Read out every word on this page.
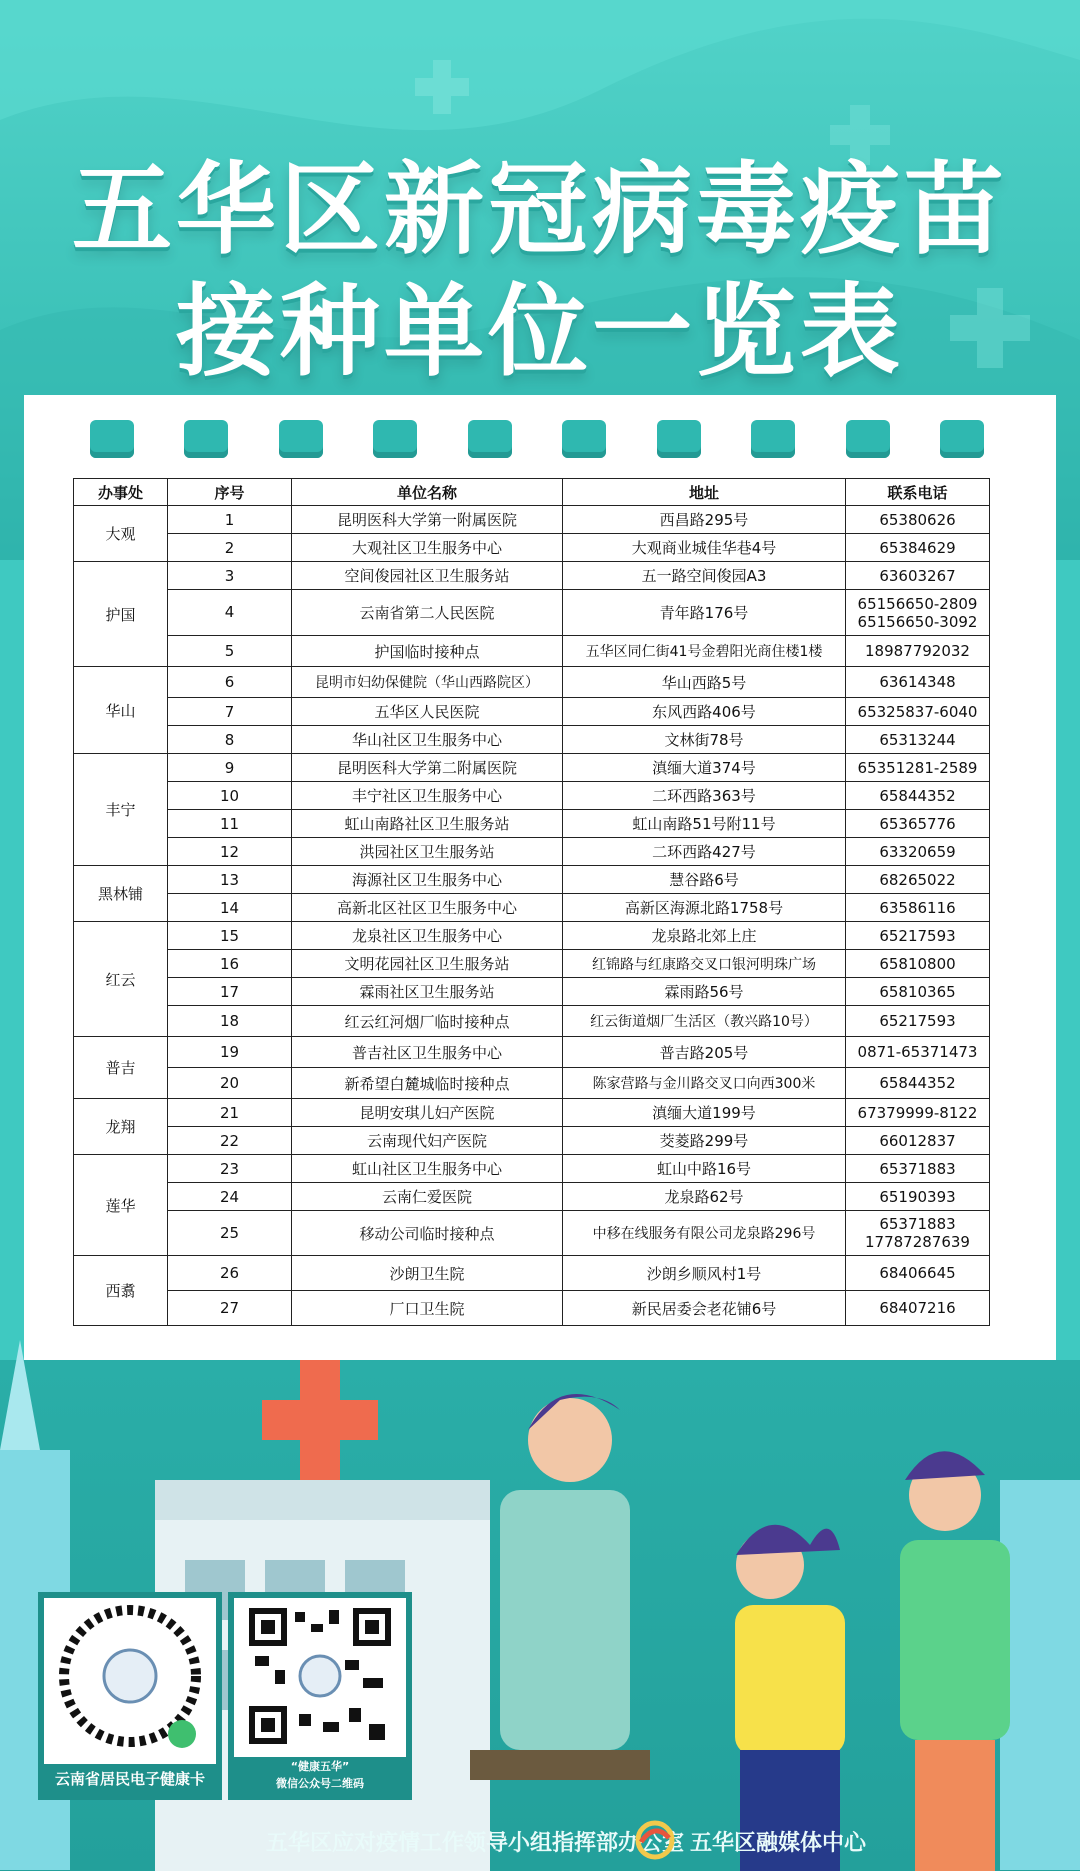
五华区新冠病毒疫苗
接种单位一览表
办事处	序号	单位名称	地址	联系电话
大观	1	昆明医科大学第一附属医院	西昌路295号	65380626
	2	大观社区卫生服务中心	大观商业城佳华巷4号	65384629
护国	3	空间俊园社区卫生服务站	五一路空间俊园A3	63603267
	4	云南省第二人民医院	青年路176号	65156650-2809
65156650-3092

	5	护国临时接种点	五华区同仁街41号金碧阳光商住楼1楼	18987792032
华山	6	昆明市妇幼保健院（华山西路院区）	华山西路5号	63614348
	7	五华区人民医院	东风西路406号	65325837-6040
	8	华山社区卫生服务中心	文林街78号	65313244
丰宁	9	昆明医科大学第二附属医院	滇缅大道374号	65351281-2589
	10	丰宁社区卫生服务中心	二环西路363号	65844352
	11	虹山南路社区卫生服务站	虹山南路51号附11号	65365776
	12	洪园社区卫生服务站	二环西路427号	63320659
黑林铺	13	海源社区卫生服务中心	慧谷路6号	68265022
	14	高新北区社区卫生服务中心	高新区海源北路1758号	63586116
红云	15	龙泉社区卫生服务中心	龙泉路北郊上庄	65217593
	16	文明花园社区卫生服务站	红锦路与红康路交叉口银河明珠广场	65810800
	17	霖雨社区卫生服务站	霖雨路56号	65810365
	18	红云红河烟厂临时接种点	红云街道烟厂生活区（教兴路10号）	65217593
普吉	19	普吉社区卫生服务中心	普吉路205号	0871-65371473
	20	新希望白麓城临时接种点	陈家营路与金川路交叉口向西300米	65844352
龙翔	21	昆明安琪儿妇产医院	滇缅大道199号	67379999-8122
	22	云南现代妇产医院	茭菱路299号	66012837
莲华	23	虹山社区卫生服务中心	虹山中路16号	65371883
	24	云南仁爱医院	龙泉路62号	65190393
	25	移动公司临时接种点	中移在线服务有限公司龙泉路296号	65371883
17787287639

西翥	26	沙朗卫生院	沙朗乡顺风村1号	68406645
	27	厂口卫生院	新民居委会老花铺6号	68407216
云南省居民电子健康卡
“健康五华”
微信公众号二维码
五华区应对疫情工作领导小组指挥部办公室 五华区融媒体中心
